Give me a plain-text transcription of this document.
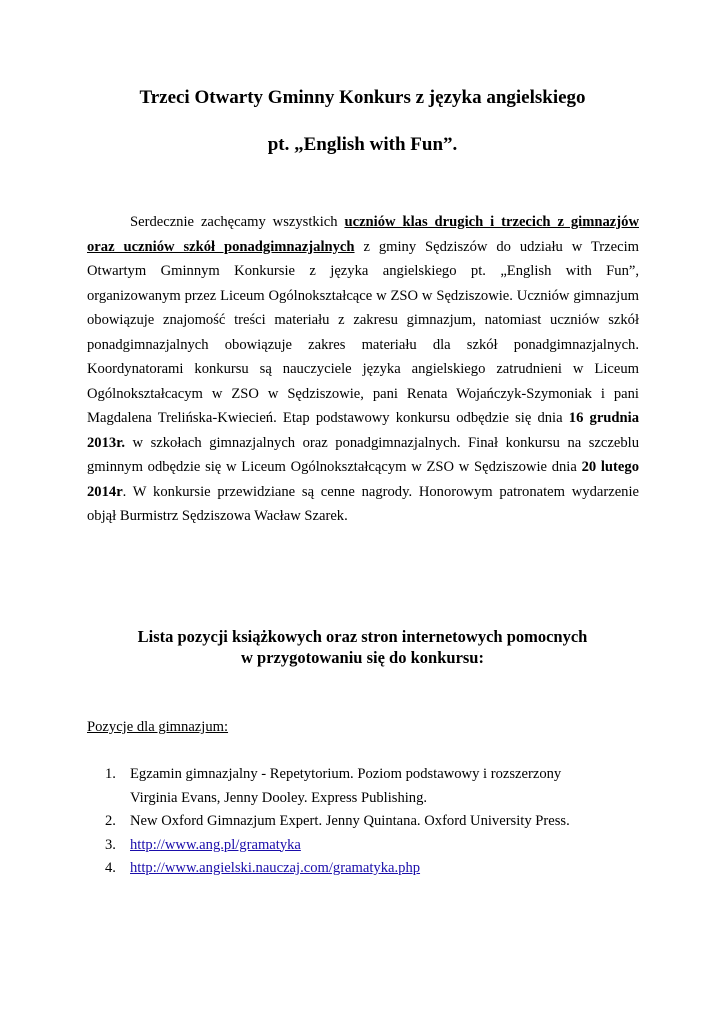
Trzeci Otwarty Gminny Konkurs z języka angielskiego
pt. „English with Fun”.
Serdecznie zachęcamy wszystkich uczniów klas drugich i trzecich z gimnazjów oraz uczniów szkół ponadgimnazjalnych z gminy Sędziszów do udziału w Trzecim Otwartym Gminnym Konkursie z języka angielskiego pt. „English with Fun”, organizowanym przez Liceum Ogólnokształcące w ZSO w Sędziszowie. Uczniów gimnazjum obowiązuje znajomość treści materiału z zakresu gimnazjum, natomiast uczniów szkół ponadgimnazjalnych obowiązuje zakres materiału dla szkół ponadgimnazjalnych. Koordynatorami konkursu są nauczyciele języka angielskiego zatrudnieni w Liceum Ogólnokształcacym w ZSO w Sędziszowie, pani Renata Wojańczyk-Szymoniak i pani Magdalena Trelińska-Kwiecień. Etap podstawowy konkursu odbędzie się dnia 16 grudnia 2013r. w szkołach gimnazjalnych oraz ponadgimnazjalnych. Finał konkursu na szczeblu gminnym odbędzie się w Liceum Ogólnokształcącym w ZSO w Sędziszowie dnia 20 lutego 2014r. W konkursie przewidziane są cenne nagrody. Honorowym patronatem wydarzenie objął Burmistrz Sędziszowa Wacław Szarek.
Lista pozycji książkowych oraz stron internetowych pomocnych
w przygotowaniu się do konkursu:
Pozycje dla gimnazjum:
1. Egzamin gimnazjalny - Repetytorium. Poziom podstawowy i rozszerzony
Virginia Evans, Jenny Dooley. Express Publishing.
2. New Oxford Gimnazjum Expert. Jenny Quintana. Oxford University Press.
3. http://www.ang.pl/gramatyka
4. http://www.angielski.nauczaj.com/gramatyka.php
